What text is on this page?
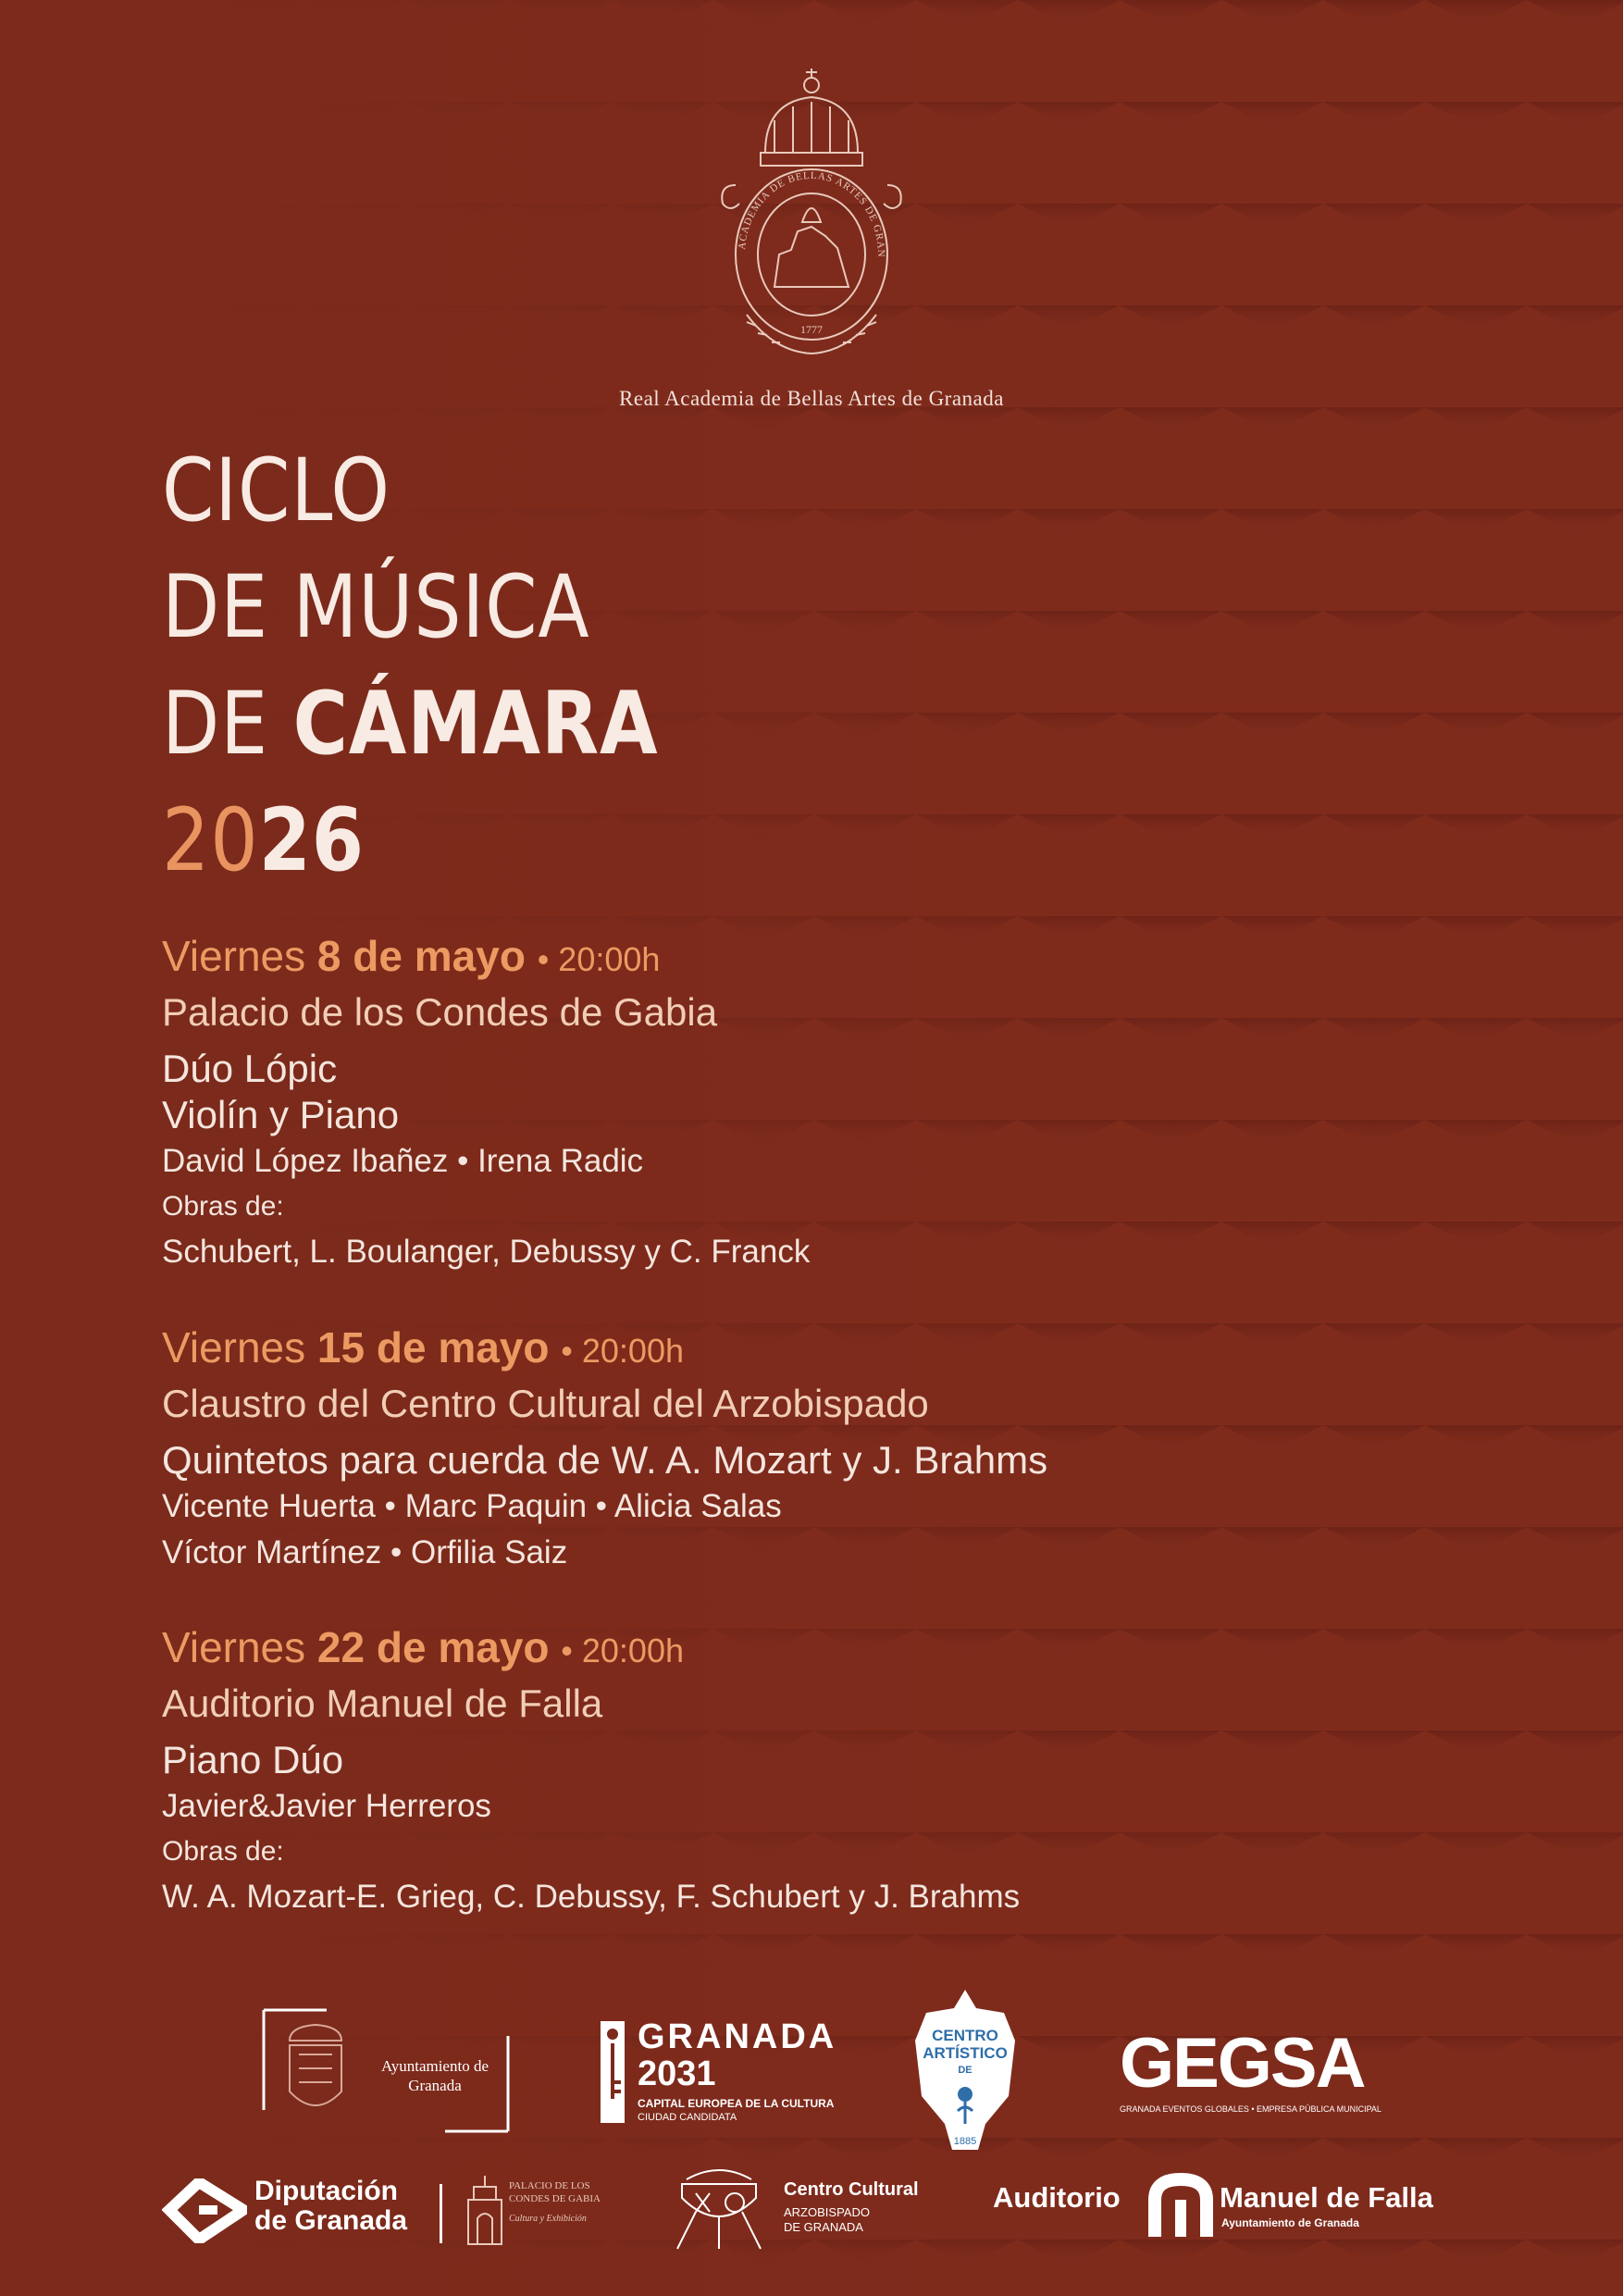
1777
ACADEMIA DE BELLAS ARTES DE GRAN
Real Academia de Bellas Artes de Granada
CICLO
DE MÚSICA
DE CÁMARA
2026
Viernes 8 de mayo • 20:00h
Palacio de los Condes de Gabia
Dúo Lópic
Violín y Piano
David López Ibañez • Irena Radic
Obras de:
Schubert, L. Boulanger, Debussy y C. Franck
Viernes 15 de mayo • 20:00h
Claustro del Centro Cultural del Arzobispado
Quintetos para cuerda de W. A. Mozart y J. Brahms
Vicente Huerta • Marc Paquin • Alicia Salas
Víctor Martínez • Orfilia Saiz
Viernes 22 de mayo • 20:00h
Auditorio Manuel de Falla
Piano Dúo
Javier&Javier Herreros
Obras de:
W. A. Mozart-E. Grieg, C. Debussy, F. Schubert y J. Brahms
Ayuntamiento de Granada
GRANADA
2031
CAPITAL EUROPEA DE LA CULTURA
CIUDAD CANDIDATA
CENTRO
ARTÍSTICO
DE
1885
GEGSA
GRANADA EVENTOS GLOBALES • EMPRESA PÚBLICA MUNICIPAL
Diputación
de Granada
PALACIO DE LOS
CONDES DE GABIA
Cultura y Exhibición
Centro Cultural
ARZOBISPADO
DE GRANADA
Auditorio	Manuel de Falla
Ayuntamiento de Granada
